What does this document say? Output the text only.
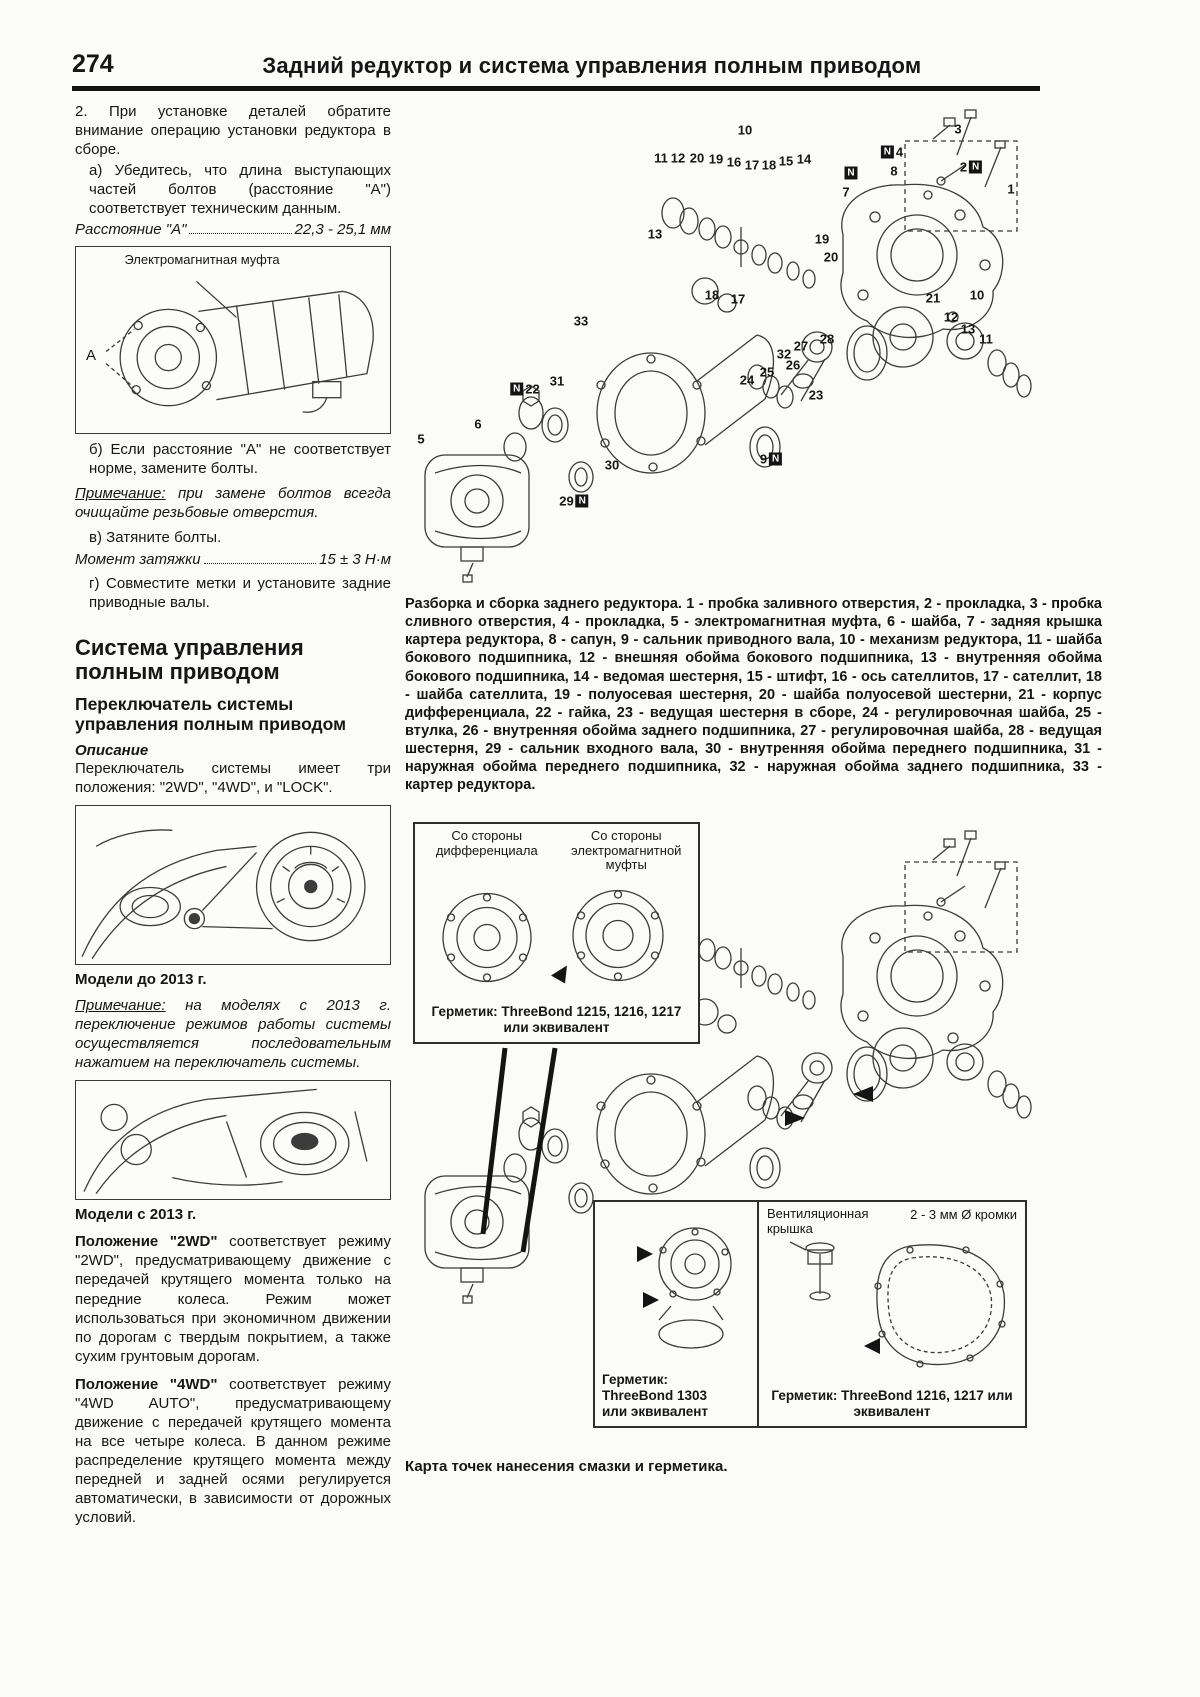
274	Задний редуктор и система управления полным приводом

2. При установке деталей обратите внимание операцию установки редуктора в сборе.

а) Убедитесь, что длина выступающих частей болтов (расстояние "А") соответствует техническим данным.

Расстояние "А"	22,3 - 25,1 мм
Электромагнитная муфта
А

б) Если расстояние "А" не соответствует норме, замените болты.

Примечание: при замене болтов всегда очищайте резьбовые отверстия.

в) Затяните болты.

Момент затяжки	15 ± 3 Н·м

г) Совместите метки и установите задние приводные валы.

Система управления полным приводом
Переключатель системы управления полным приводом
Описание

Переключатель системы имеет три положения: "2WD", "4WD", и "LOCK".

Модели до 2013 г.

Примечание: на моделях с 2013 г. переключение режимов работы системы осуществляется последовательным нажатием на переключатель системы.

Модели с 2013 г.

Положение "2WD" соответствует режиму "2WD", предусматривающему движение с передачей крутящего момента только на передние колеса. Режим может использоваться при экономичном движении по дорогам с твердым покрытием, а также сухим грунтовым дорогам.

Положение "4WD" соответствует режиму "4WD AUTO", предусматривающему движение с передачей крутящего момента на все четыре колеса. В данном режиме распределение крутящего момента между передней и задней осями регулируется автоматически, в зависимости от дорожных условий.

10	3
N 4
8
N	2 N
1
7
11 12 20 19 16 17 18 15 14
13	19
20
18 17	21 10
12
13
11
33
28
27
32
26
25
24
23
N 22
31
6
5
30	9 N
29 N

Разборка и сборка заднего редуктора. 1 - пробка заливного отверстия, 2 - прокладка, 3 - пробка сливного отверстия, 4 - прокладка, 5 - электромагнитная муфта, 6 - шайба, 7 - задняя крышка картера редуктора, 8 - сапун, 9 - сальник приводного вала, 10 - механизм редуктора, 11 - шайба бокового подшипника, 12 - внешняя обойма бокового подшипника, 13 - внутренняя обойма бокового подшипника, 14 - ведомая шестерня, 15 - штифт, 16 - ось сателлитов, 17 - сателлит, 18 - шайба сателлита, 19 - полуосевая шестерня, 20 - шайба полуосевой шестерни, 21 - корпус дифференциала, 22 - гайка, 23 - ведущая шестерня в сборе, 24 - регулировочная шайба, 25 - втулка, 26 - внутренняя обойма заднего подшипника, 27 - регулировочная шайба, 28 - ведущая шестерня, 29 - сальник входного вала, 30 - внутренняя обойма переднего подшипника, 31 - наружная обойма переднего подшипника, 32 - наружная обойма заднего подшипника, 33 - картер редуктора.

Со стороны дифференциала
Со стороны электромагнитной муфты
Герметик: ThreeBond 1215, 1216, 1217 или эквивалент
Герметик: ThreeBond 1303 или эквивалент
Вентиляционная крышка
2 - 3 мм Ø кромки
Герметик: ThreeBond 1216, 1217 или эквивалент

Карта точек нанесения смазки и герметика.
